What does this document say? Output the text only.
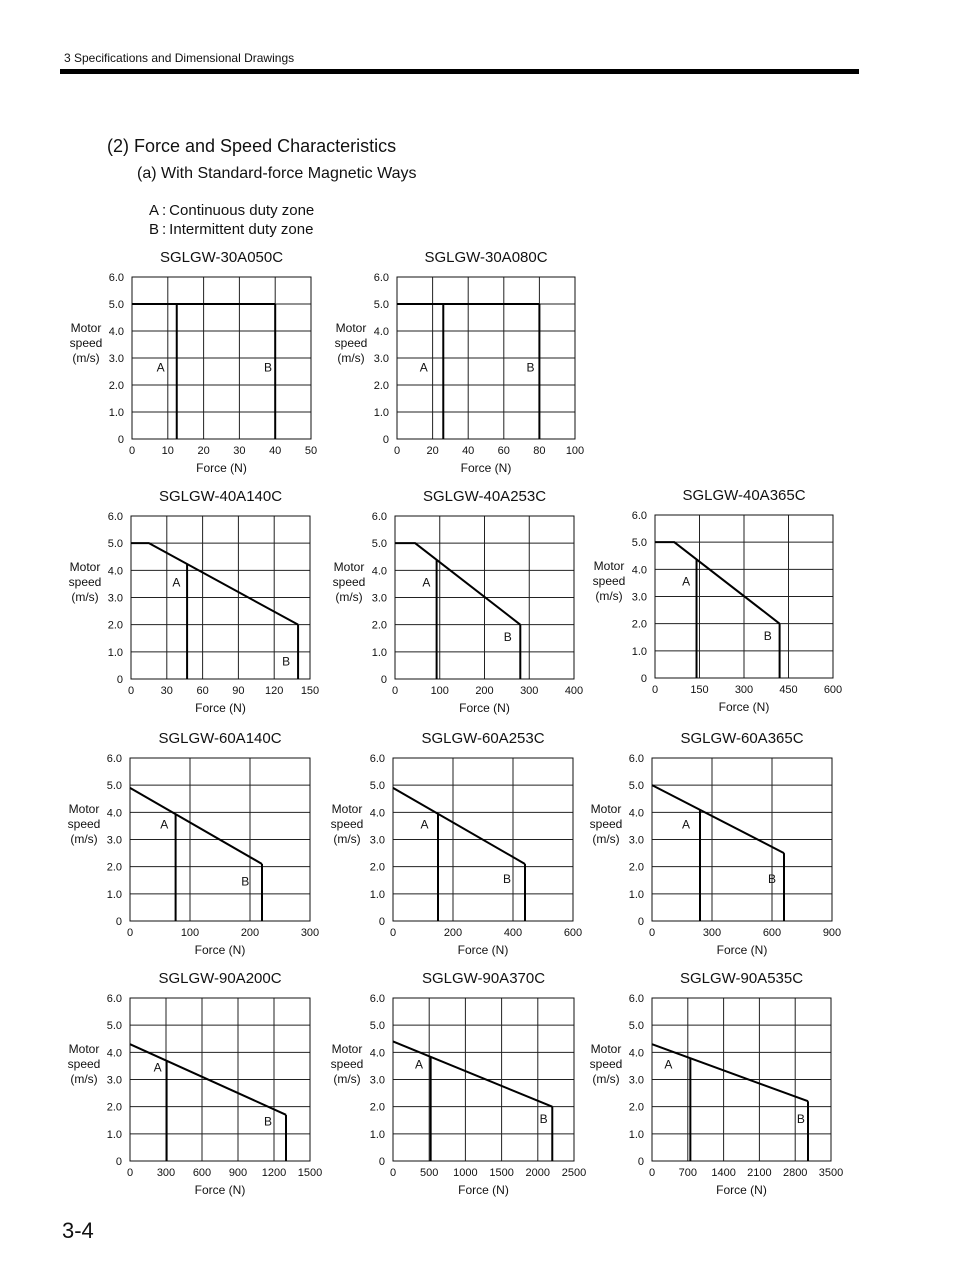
3 Specifications and Dimensional Drawings
(2) Force and Speed Characteristics
(a) With Standard-force Magnetic Ways
A : Continuous duty zone
B : Intermittent duty zone
SGLGW-30A050C
0 10 20 30 40 50
0
1.0
2.0
3.0
4.0
5.0
6.0
Force (N)
Motor
speed
(m/s)
A	B
SGLGW-30A080C
0 20 40 60 80 100
0
1.0
2.0
3.0
4.0
5.0
6.0
Force (N)
Motor
speed
(m/s)
A	B
SGLGW-40A140C
0 30 60 90 120 150
0
1.0
2.0
3.0
4.0
5.0
6.0
Force (N)
Motor
speed
(m/s)
A
B
SGLGW-40A253C
0	100 200 300 400
0
1.0
2.0
3.0
4.0
5.0
6.0
Force (N)
Motor
speed
(m/s)
A
B
SGLGW-40A365C
0	150 300 450 600
0
1.0
2.0
3.0
4.0
5.0
6.0
Force (N)
Motor
speed
(m/s)
A
B
SGLGW-60A140C
0	100	200	300
0
1.0
2.0
3.0
4.0
5.0
6.0
Force (N)
Motor
speed
(m/s)
A
B
SGLGW-60A253C
0	200	400	600
0
1.0
2.0
3.0
4.0
5.0
6.0
Force (N)
Motor
speed
(m/s)
A
B
SGLGW-60A365C
0	300	600	900
0
1.0
2.0
3.0
4.0
5.0
6.0
Force (N)
Motor
speed
(m/s)
A
B
SGLGW-90A200C
0 300 600 900 1200 1500
0
1.0
2.0
3.0
4.0
5.0
6.0
Force (N)
Motor
speed
(m/s)
A
B
SGLGW-90A370C
0 500 1000 1500 2000 2500
0
1.0
2.0
3.0
4.0
5.0
6.0
Force (N)
Motor
speed
(m/s)
A
B
SGLGW-90A535C
0 700 1400 2100 2800 3500
0
1.0
2.0
3.0
4.0
5.0
6.0
Force (N)
Motor
speed
(m/s)
A
B
3-4
